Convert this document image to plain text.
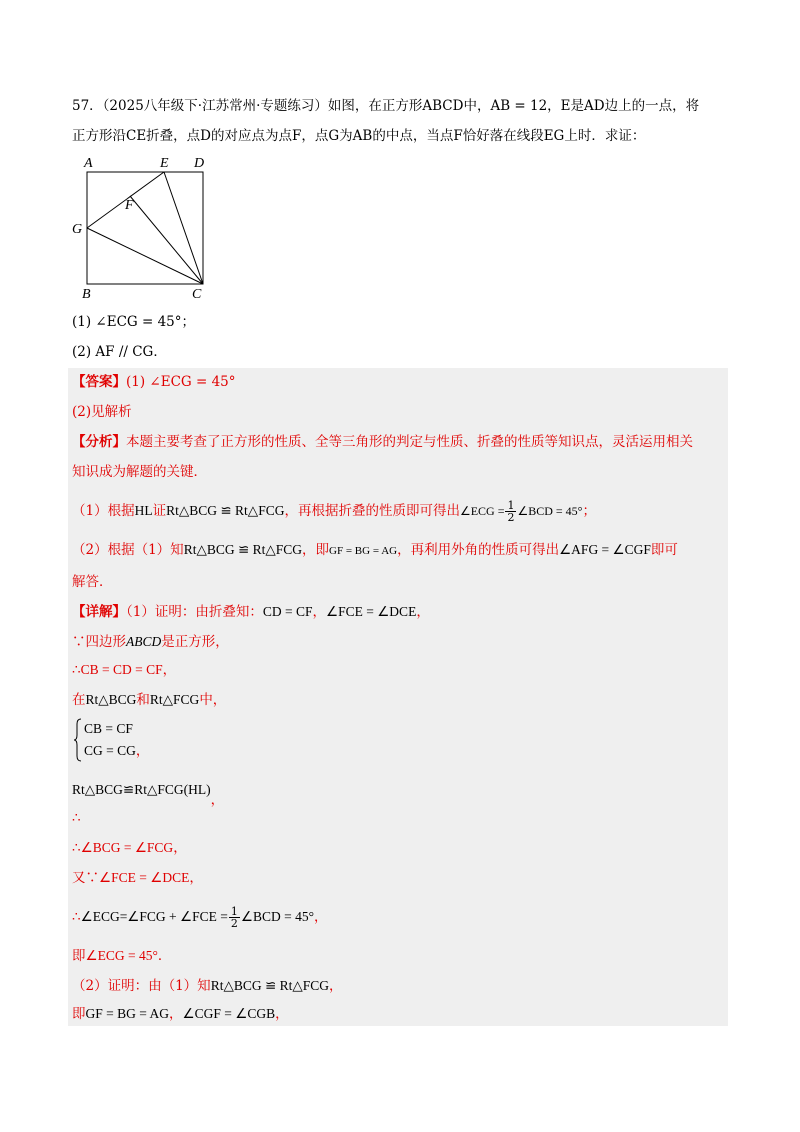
57．（2025八年级下·江苏常州·专题练习）如图，在正方形ABCD中，AB = 12，E是AD边上的一点，将
正方形沿CE折叠，点D的对应点为点F，点G为AB的中点，当点F恰好落在线段EG上时．求证：
A	E D
F
G
B	C
(1) ∠ECG = 45°；
(2) AF // CG．
【答案】(1) ∠ECG = 45°
(2)见解析
【分析】本题主要考查了正方形的性质、全等三角形的判定与性质、折叠的性质等知识点，灵活运用相关
知识成为解题的关键．
（1）根据HL证Rt△BCG ≌ Rt△FCG，再根据折叠的性质即可得出∠ECG = $\frac{1}{2}$ ∠BCD = 45°；
（2）根据（1）知Rt△BCG ≌ Rt△FCG，即GF = BG = AG，再利用外角的性质可得出∠AFG = ∠CGF即可
解答．
【详解】（1）证明：由折叠知：CD = CF，∠FCE = ∠DCE，
∵四边形ABCD是正方形，
∴CB = CD = CF，
在Rt△BCG和Rt△FCG中，
CB = CF
CG = CG，
Rt△BCG≌Rt△FCG(HL)，
∴
∴∠BCG = ∠FCG，
又∵∠FCE = ∠DCE，
∴∠ECG=∠FCG + ∠FCE = $\frac{1}{2}$ ∠BCD = 45°，
即∠ECG = 45°．
（2）证明：由（1）知Rt△BCG ≌ Rt△FCG，
即GF = BG = AG，∠CGF = ∠CGB，
